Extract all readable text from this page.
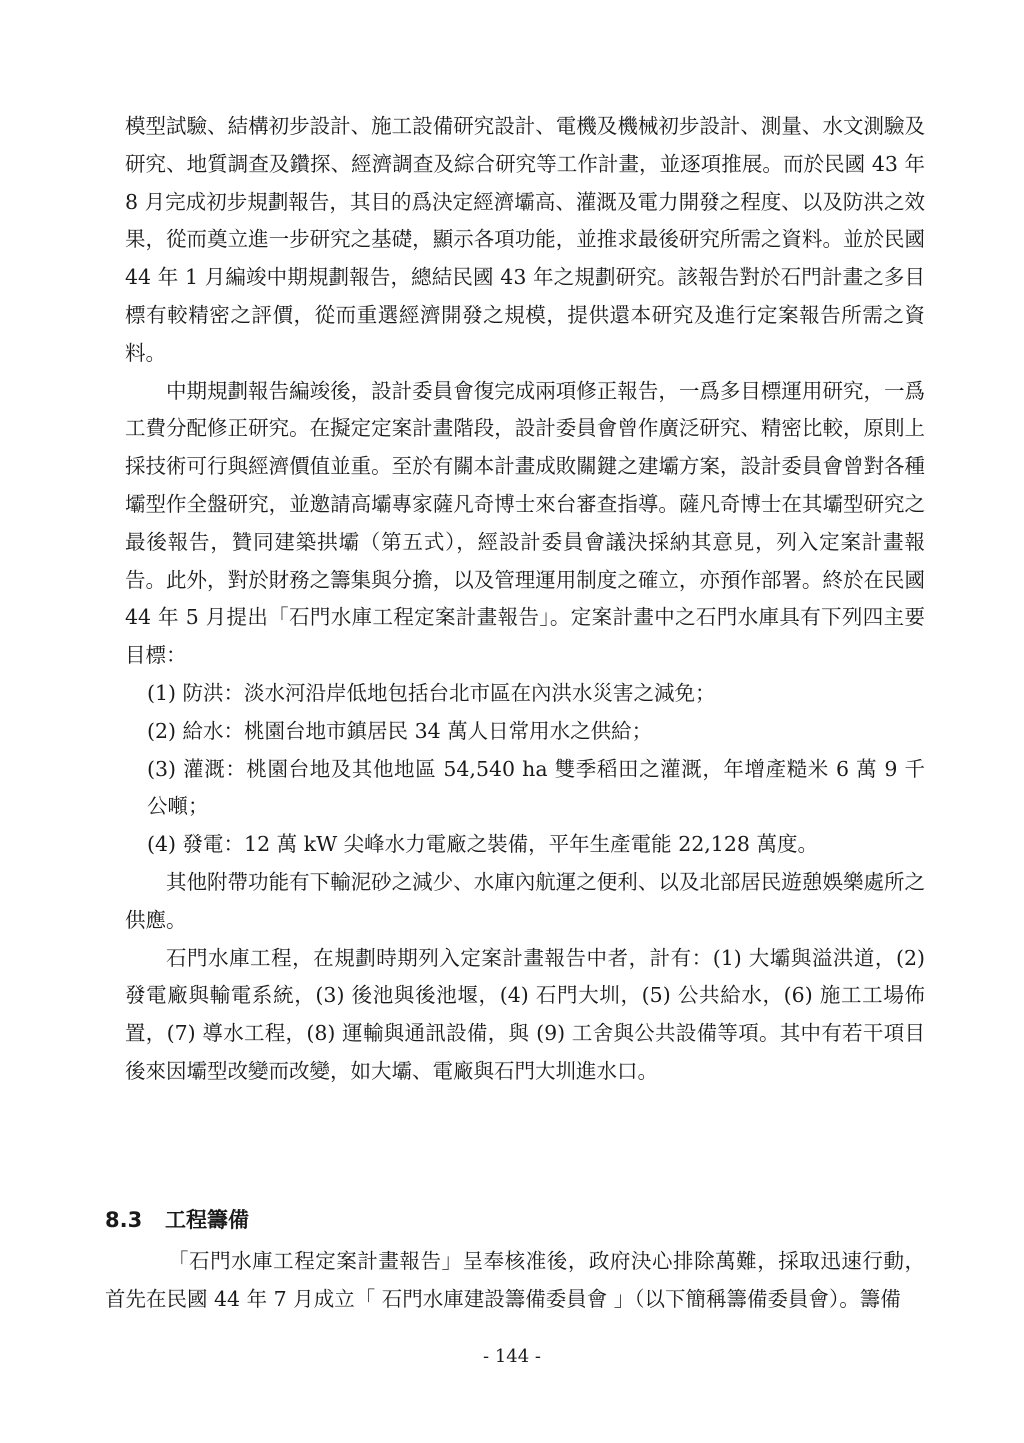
模型試驗、結構初步設計、施工設備研究設計、電機及機械初步設計、測量、水文測驗及研究、地質調查及鑽探、經濟調查及綜合研究等工作計畫，並逐項推展。而於民國 43 年 8 月完成初步規劃報告，其目的爲決定經濟壩高、灌溉及電力開發之程度、以及防洪之效果，從而奠立進一步研究之基礎，顯示各項功能，並推求最後研究所需之資料。並於民國 44 年 1 月編竣中期規劃報告，總結民國 43 年之規劃研究。該報告對於石門計畫之多目標有較精密之評價，從而重選經濟開發之規模，提供還本研究及進行定案報告所需之資料。

中期規劃報告編竣後，設計委員會復完成兩項修正報告，一爲多目標運用研究，一爲工費分配修正研究。在擬定定案計畫階段，設計委員會曾作廣泛研究、精密比較，原則上採技術可行與經濟價值並重。至於有關本計畫成敗關鍵之建壩方案，設計委員會曾對各種壩型作全盤研究，並邀請高壩專家薩凡奇博士來台審查指導。薩凡奇博士在其壩型研究之最後報告，贊同建築拱壩（第五式），經設計委員會議決採納其意見，列入定案計畫報告。此外，對於財務之籌集與分擔，以及管理運用制度之確立，亦預作部署。終於在民國 44 年 5 月提出「石門水庫工程定案計畫報告」。定案計畫中之石門水庫具有下列四主要目標：

(1) 防洪：淡水河沿岸低地包括台北市區在內洪水災害之減免；

(2) 給水：桃園台地市鎮居民 34 萬人日常用水之供給；

(3) 灌溉：桃園台地及其他地區 54,540 ha 雙季稻田之灌溉，年增產糙米 6 萬 9 千公噸；

(4) 發電：12 萬 kW 尖峰水力電廠之裝備，平年生產電能 22,128 萬度。

其他附帶功能有下輸泥砂之減少、水庫內航運之便利、以及北部居民遊憩娛樂處所之供應。

石門水庫工程，在規劃時期列入定案計畫報告中者，計有：(1) 大壩與溢洪道，(2) 發電廠與輸電系統，(3) 後池與後池堰，(4) 石門大圳，(5) 公共給水，(6) 施工工場佈置，(7) 導水工程，(8) 運輸與通訊設備，與 (9) 工舍與公共設備等項。其中有若干項目後來因壩型改變而改變，如大壩、電廠與石門大圳進水口。

8.3 工程籌備

「石門水庫工程定案計畫報告」呈奉核准後，政府決心排除萬難，採取迅速行動，首先在民國 44 年 7 月成立「 石門水庫建設籌備委員會 」（以下簡稱籌備委員會）。籌備

- 144 -
